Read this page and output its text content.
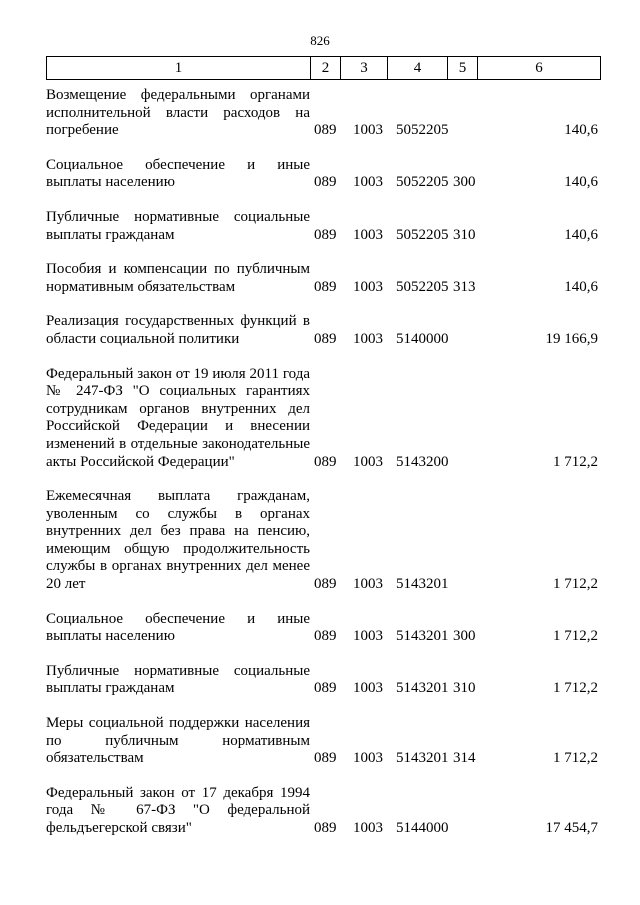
826
1	2	3	4	5	6
Возмещение федеральными органами исполнительной власти расходов на погребение	089 1003 5052205	140,6
Социальное обеспечение и иные выплаты населению	089 1003 5052205 300	140,6
Публичные нормативные социальные выплаты гражданам	089 1003 5052205 310	140,6
Пособия и компенсации по публичным нормативным обязательствам	089 1003 5052205 313	140,6
Реализация государственных функций в области социальной политики	089 1003 5140000	19 166,9
Федеральный закон от 19 июля 2011 года № 247-ФЗ "О социальных гарантиях сотрудникам органов внутренних дел Российской Федерации и внесении изменений в отдельные законодательные акты Российской Федерации"	089 1003 5143200	1 712,2
Ежемесячная выплата гражданам, уволенным со службы в органах внутренних дел без права на пенсию, имеющим общую продолжительность службы в органах внутренних дел менее 20 лет	089 1003 5143201	1 712,2
Социальное обеспечение и иные выплаты населению	089 1003 5143201 300	1 712,2
Публичные нормативные социальные выплаты гражданам	089 1003 5143201 310	1 712,2
Меры социальной поддержки населения по публичным нормативным обязательствам	089 1003 5143201 314	1 712,2
Федеральный закон от 17 декабря 1994 года № 67-ФЗ "О федеральной фельдъегерской связи"	089 1003 5144000	17 454,7
